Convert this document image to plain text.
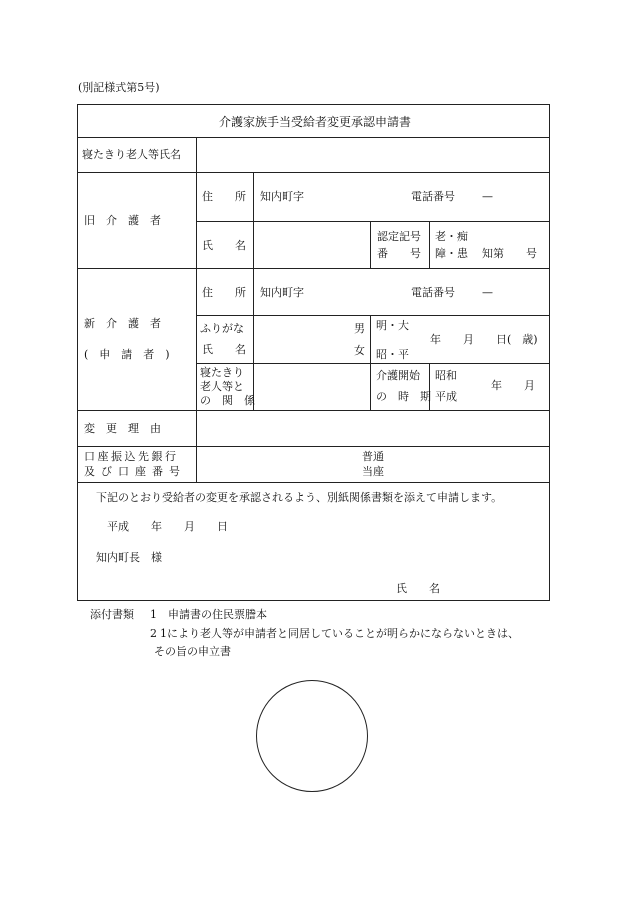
(別記様式第5号)
介護家族手当受給者変更承認申請書
寝たきり老人等氏名
旧　介　護　者
住　　所 知内町字	電話番号 —
氏　　名
認定記号
番　　号
老・痴
障・患 知第　　号
新　介　護　者
(　申　請　者　)
住　　所 知内町字	電話番号 —
ふりがな
氏　　名
男
女
明・大
昭・平
年　　月　　日(　歳)
寝たきり
老人等と
の　関　係
介護開始
の　時　期
昭和
平成
年　　月
変　更　理　由
口座振込先銀行
及び口座番号
普通
当座
下記のとおり受給者の変更を承認されるよう、別紙関係書類を添えて申請します。
平成　　年　　月　　日
知内町長　様
氏　　名
添付書類 1 申請書の住民票謄本
2 1により老人等が申請者と同居していることが明らかにならないときは、
その旨の申立書
